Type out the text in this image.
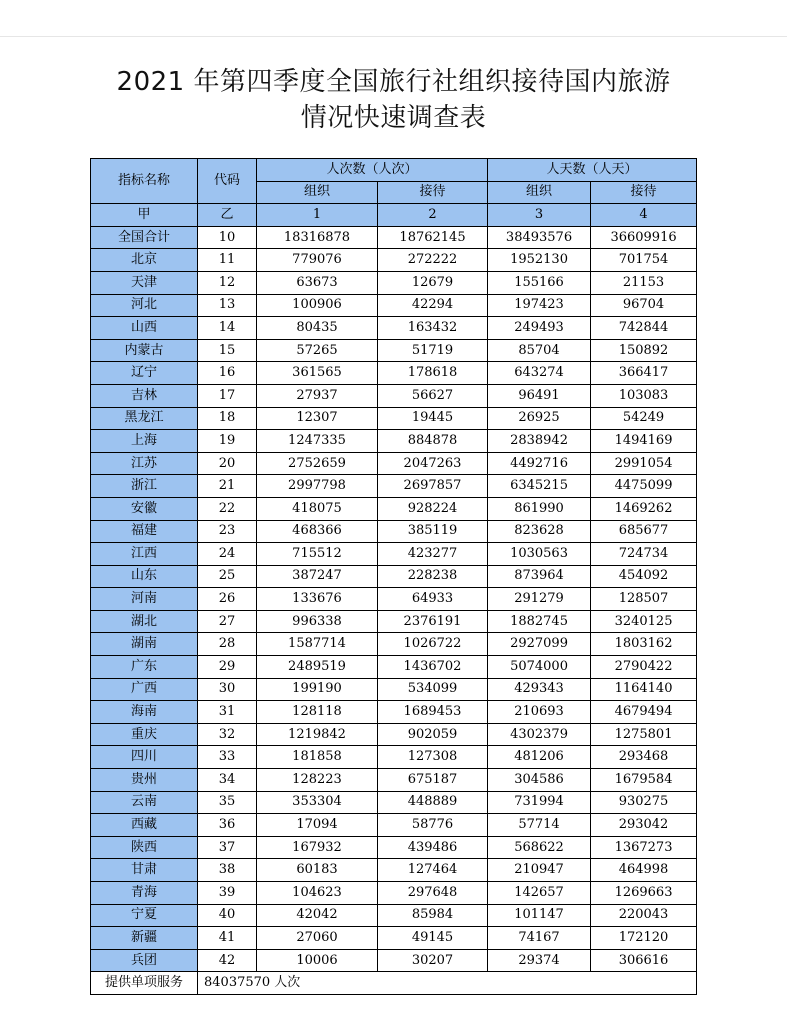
2021 年第四季度全国旅行社组织接待国内旅游
情况快速调查表
指标名称	代码	人次数（人次）		人天数（人天）	
		组织	接待	组织	接待
甲	乙	1	2	3	4
全国合计	10	18316878	18762145	38493576	36609916
北京	11	779076	272222	1952130	701754
天津	12	63673	12679	155166	21153
河北	13	100906	42294	197423	96704
山西	14	80435	163432	249493	742844
内蒙古	15	57265	51719	85704	150892
辽宁	16	361565	178618	643274	366417
吉林	17	27937	56627	96491	103083
黑龙江	18	12307	19445	26925	54249
上海	19	1247335	884878	2838942	1494169
江苏	20	2752659	2047263	4492716	2991054
浙江	21	2997798	2697857	6345215	4475099
安徽	22	418075	928224	861990	1469262
福建	23	468366	385119	823628	685677
江西	24	715512	423277	1030563	724734
山东	25	387247	228238	873964	454092
河南	26	133676	64933	291279	128507
湖北	27	996338	2376191	1882745	3240125
湖南	28	1587714	1026722	2927099	1803162
广东	29	2489519	1436702	5074000	2790422
广西	30	199190	534099	429343	1164140
海南	31	128118	1689453	210693	4679494
重庆	32	1219842	902059	4302379	1275801
四川	33	181858	127308	481206	293468
贵州	34	128223	675187	304586	1679584
云南	35	353304	448889	731994	930275
西藏	36	17094	58776	57714	293042
陕西	37	167932	439486	568622	1367273
甘肃	38	60183	127464	210947	464998
青海	39	104623	297648	142657	1269663
宁夏	40	42042	85984	101147	220043
新疆	41	27060	49145	74167	172120
兵团	42	10006	30207	29374	306616
提供单项服务	84037570 人次				
